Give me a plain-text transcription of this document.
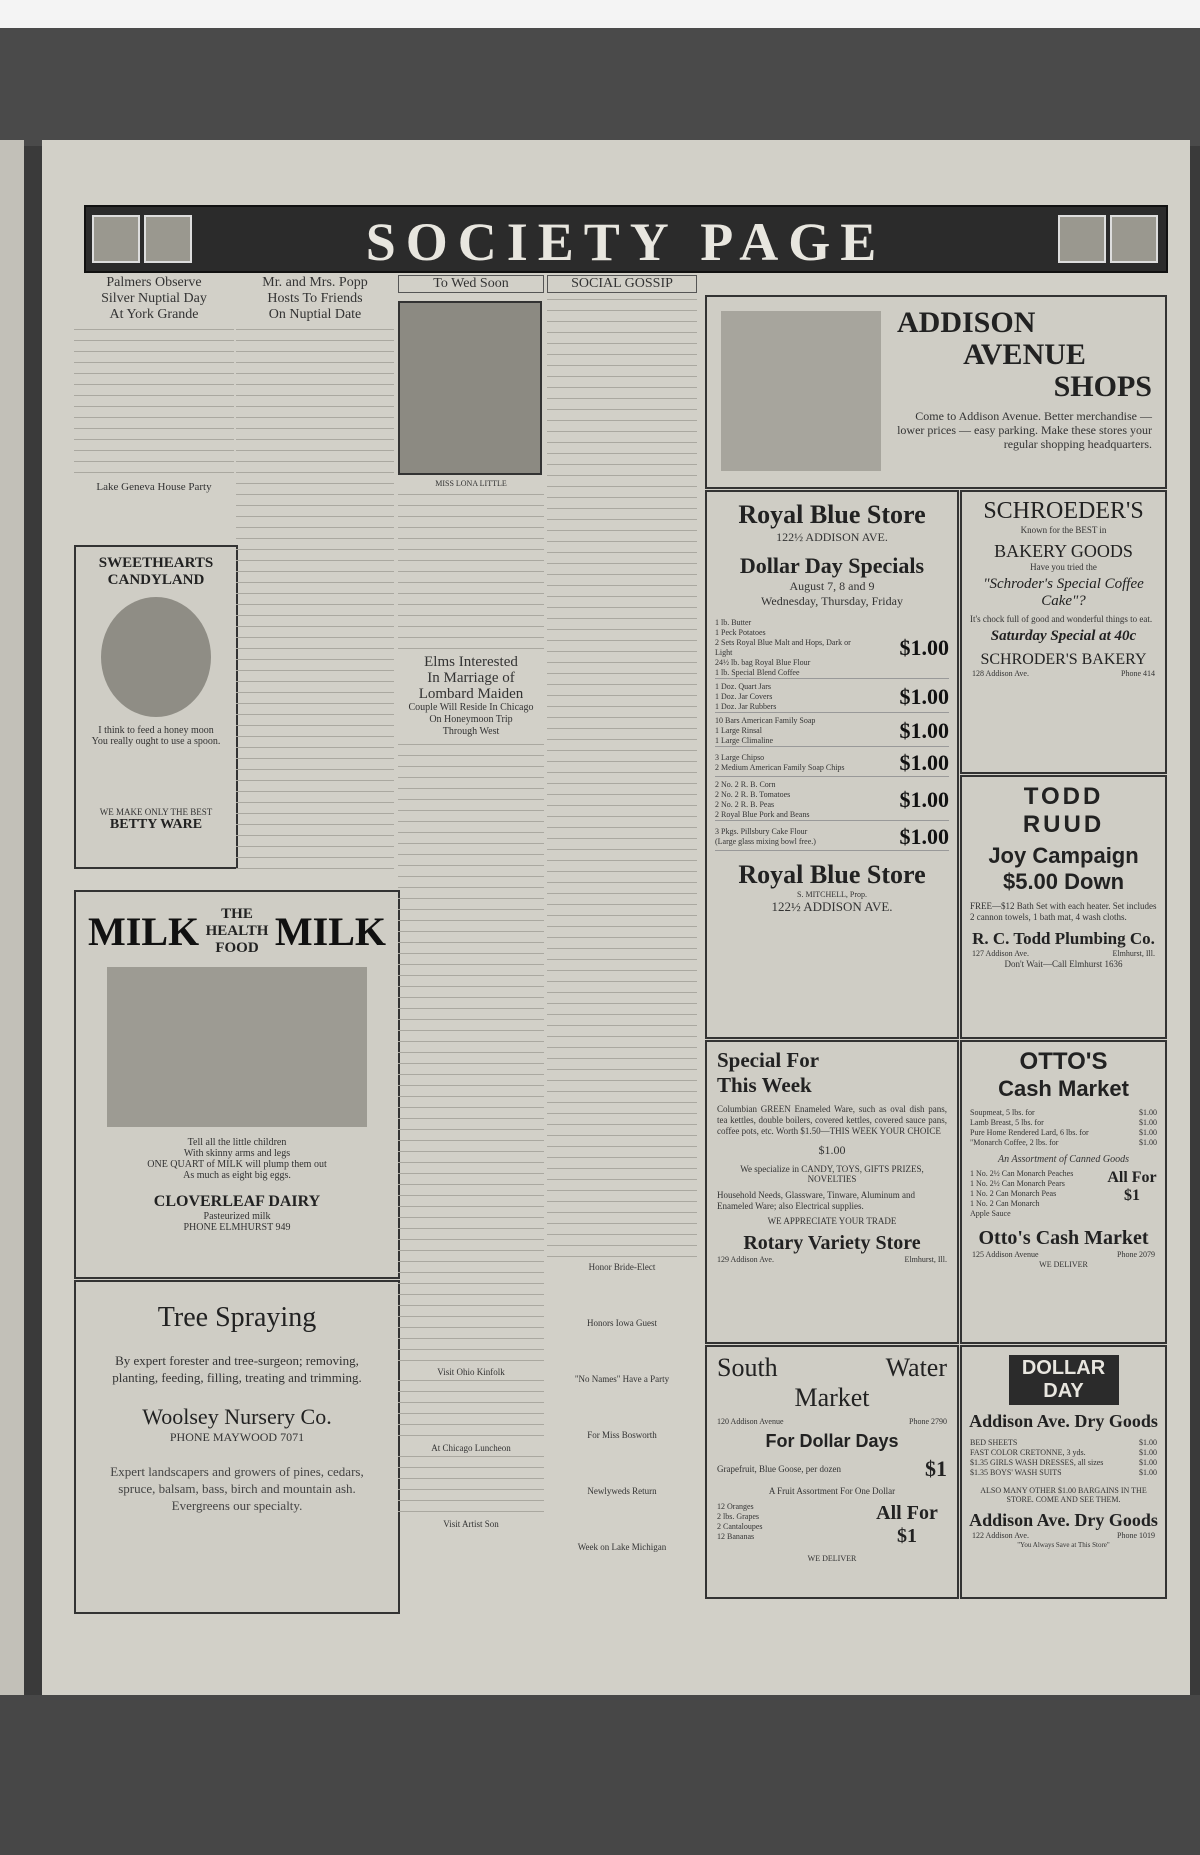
SOCIETY PAGE
Palmers Observe
Silver Nuptial Day
At York Grande
Lake Geneva House Party
SWEETHEARTS CANDYLAND
I think to feed a honey moon
You really ought to use a spoon.
WE MAKE ONLY THE BEST
BETTY WARE
Mr. and Mrs. Popp
Hosts To Friends
On Nuptial Date
MILK	THE HEALTH FOOD MILK
Tell all the little children
With skinny arms and legs
ONE QUART of MILK will plump them out
As much as eight big eggs.
CLOVERLEAF DAIRY
Pasteurized milk
PHONE ELMHURST 949
Tree Spraying
By expert forester and tree-surgeon; removing, planting, feeding, filling, treating and trimming.
Woolsey Nursery Co.
PHONE MAYWOOD 7071
Expert landscapers and growers of pines, cedars, spruce, balsam, bass, birch and mountain ash. Evergreens our specialty.
To Wed Soon
MISS LONA LITTLE
Elms Interested
In Marriage of
Lombard Maiden
Couple Will Reside In Chicago
On Honeymoon Trip
Through West
Visit Ohio Kinfolk
At Chicago Luncheon
Visit Artist Son
SOCIAL GOSSIP
Honor Bride-Elect
Honors Iowa Guest
"No Names" Have a Party
For Miss Bosworth
Newlyweds Return
Week on Lake Michigan
ADDISON
AVENUE
SHOPS
Come to Addison Avenue. Better merchandise — lower prices — easy parking. Make these stores your regular shopping headquarters.
Royal Blue Store
122½ ADDISON AVE.
Dollar Day Specials
August 7, 8 and 9
Wednesday, Thursday, Friday
1 lb. Butter
1 Peck Potatoes
2 Sets Royal Blue Malt and Hops, Dark or Light
24½ lb. bag Royal Blue Flour
1 lb. Special Blend Coffee
$1.00
1 Doz. Quart Jars
1 Doz. Jar Covers
1 Doz. Jar Rubbers	$1.00
10 Bars American Family Soap
1 Large Rinsal
1 Large Climaline	$1.00
3 Large Chipso
2 Medium American Family Soap Chips	$1.00
2 No. 2 R. B. Corn
2 No. 2 R. B. Tomatoes
2 No. 2 R. B. Peas
2 Royal Blue Pork and Beans
$1.00
3 Pkgs. Pillsbury Cake Flour
(Large glass mixing bowl free.)	$1.00
Royal Blue Store
S. MITCHELL, Prop.
122½ ADDISON AVE.
SCHROEDER'S
Known for the BEST in
BAKERY GOODS
Have you tried the
"Schroder's Special Coffee Cake"?
It's chock full of good and wonderful things to eat.
Saturday Special at 40c
SCHRODER'S BAKERY
128 Addison Ave.	Phone 414
TODD
RUUD
Joy Campaign
$5.00 Down
FREE—$12 Bath Set with each heater. Set includes 2 cannon towels, 1 bath mat, 4 wash cloths.
R. C. Todd Plumbing Co.
127 Addison Ave.	Elmhurst, Ill.
Don't Wait—Call Elmhurst 1636
Special For
This Week
Columbian GREEN Enameled Ware, such as oval dish pans, tea kettles, double boilers, covered kettles, covered sauce pans, coffee pots, etc. Worth $1.50—THIS WEEK YOUR CHOICE
$1.00
We specialize in CANDY, TOYS, GIFTS PRIZES, NOVELTIES
Household Needs, Glassware, Tinware, Aluminum and Enameled Ware; also Electrical supplies.
WE APPRECIATE YOUR TRADE
Rotary Variety Store
129 Addison Ave.	Elmhurst, Ill.
OTTO'S
Cash Market
Soupmeat, 5 lbs. for	$1.00
Lamb Breast, 5 lbs. for	$1.00
Pure Home Rendered Lard, 6 lbs. for	$1.00
"Monarch Coffee, 2 lbs. for	$1.00
An Assortment of Canned Goods
1 No. 2½ Can Monarch Peaches
1 No. 2½ Can Monarch Pears
1 No. 2 Can Monarch Peas
1 No. 2 Can Monarch
Apple Sauce
All For $1
Otto's Cash Market
125 Addison Avenue	Phone 2079
WE DELIVER
South	Water
Market
120 Addison Avenue	Phone 2790
For Dollar Days
Grapefruit, Blue Goose, per dozen	$1
A Fruit Assortment For One Dollar
12 Oranges
2 lbs. Grapes
2 Cantaloupes
12 Bananas
All For $1
WE DELIVER
DOLLAR DAY
Addison Ave. Dry Goods
BED SHEETS	$1.00
FAST COLOR CRETONNE, 3 yds.	$1.00
$1.35 GIRLS WASH DRESSES, all sizes	$1.00
$1.35 BOYS' WASH SUITS	$1.00
ALSO MANY OTHER $1.00 BARGAINS IN THE STORE. COME AND SEE THEM.
Addison Ave. Dry Goods
122 Addison Ave.	Phone 1019
"You Always Save at This Store"
